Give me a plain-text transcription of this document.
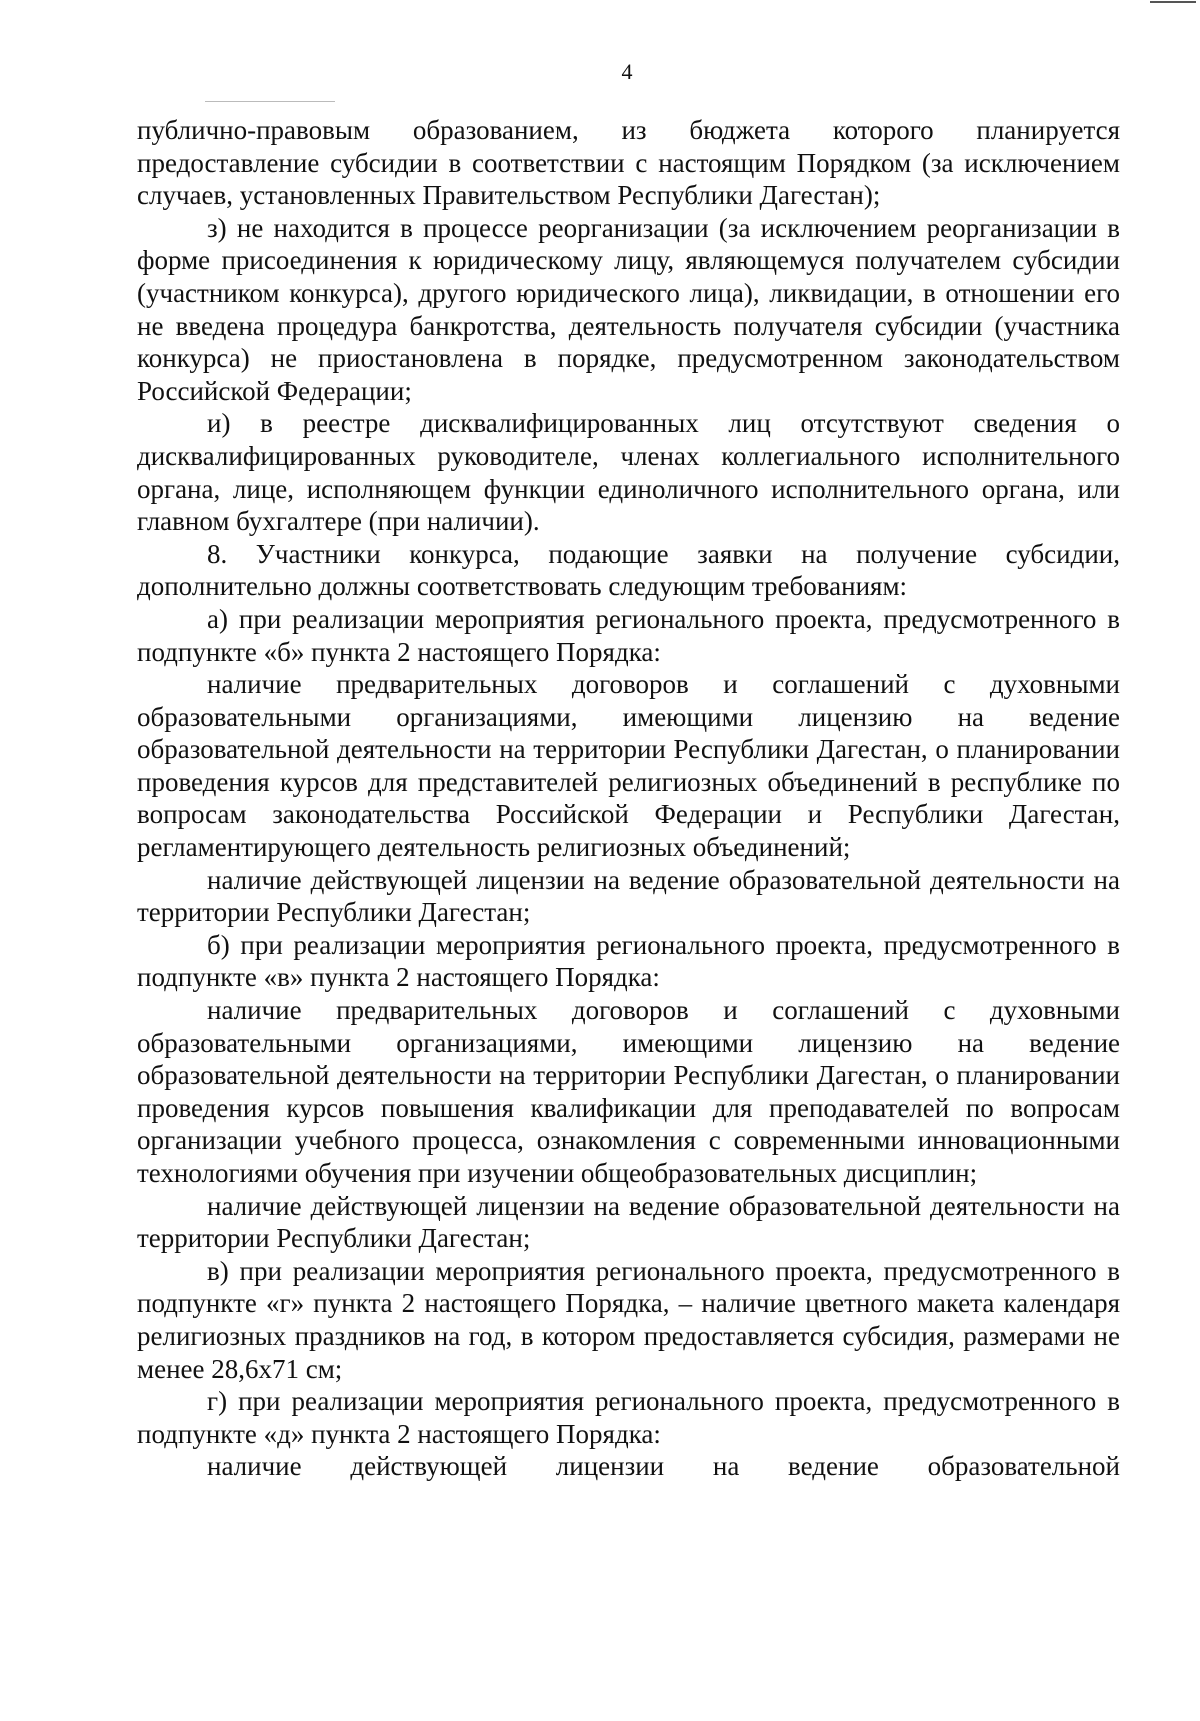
4

публично-правовым образованием, из бюджета которого планируется предоставление субсидии в соответствии с настоящим Порядком (за исключением случаев, установленных Правительством Республики Дагестан);

з) не находится в процессе реорганизации (за исключением реорганизации в форме присоединения к юридическому лицу, являющемуся получателем субсидии (участником конкурса), другого юридического лица), ликвидации, в отношении его не введена процедура банкротства, деятельность получателя субсидии (участника конкурса) не приостановлена в порядке, предусмотренном законодательством Российской Федерации;

и) в реестре дисквалифицированных лиц отсутствуют сведения о дисквалифицированных руководителе, членах коллегиального исполнительного органа, лице, исполняющем функции единоличного исполнительного органа, или главном бухгалтере (при наличии).

8. Участники конкурса, подающие заявки на получение субсидии, дополнительно должны соответствовать следующим требованиям:

а) при реализации мероприятия регионального проекта, предусмотренного в подпункте «б» пункта 2 настоящего Порядка:

наличие предварительных договоров и соглашений с духовными образовательными организациями, имеющими лицензию на ведение образовательной деятельности на территории Республики Дагестан, о планировании проведения курсов для представителей религиозных объединений в республике по вопросам законодательства Российской Федерации и Республики Дагестан, регламентирующего деятельность религиозных объединений;

наличие действующей лицензии на ведение образовательной деятельности на территории Республики Дагестан;

б) при реализации мероприятия регионального проекта, предусмотренного в подпункте «в» пункта 2 настоящего Порядка:

наличие предварительных договоров и соглашений с духовными образовательными организациями, имеющими лицензию на ведение образовательной деятельности на территории Республики Дагестан, о планировании проведения курсов повышения квалификации для преподавателей по вопросам организации учебного процесса, ознакомления с современными инновационными технологиями обучения при изучении общеобразовательных дисциплин;

наличие действующей лицензии на ведение образовательной деятельности на территории Республики Дагестан;

в) при реализации мероприятия регионального проекта, предусмотренного в подпункте «г» пункта 2 настоящего Порядка, – наличие цветного макета календаря религиозных праздников на год, в котором предоставляется субсидия, размерами не менее 28,6х71 см;

г) при реализации мероприятия регионального проекта, предусмотренного в подпункте «д» пункта 2 настоящего Порядка:

наличие действующей лицензии на ведение образовательной
